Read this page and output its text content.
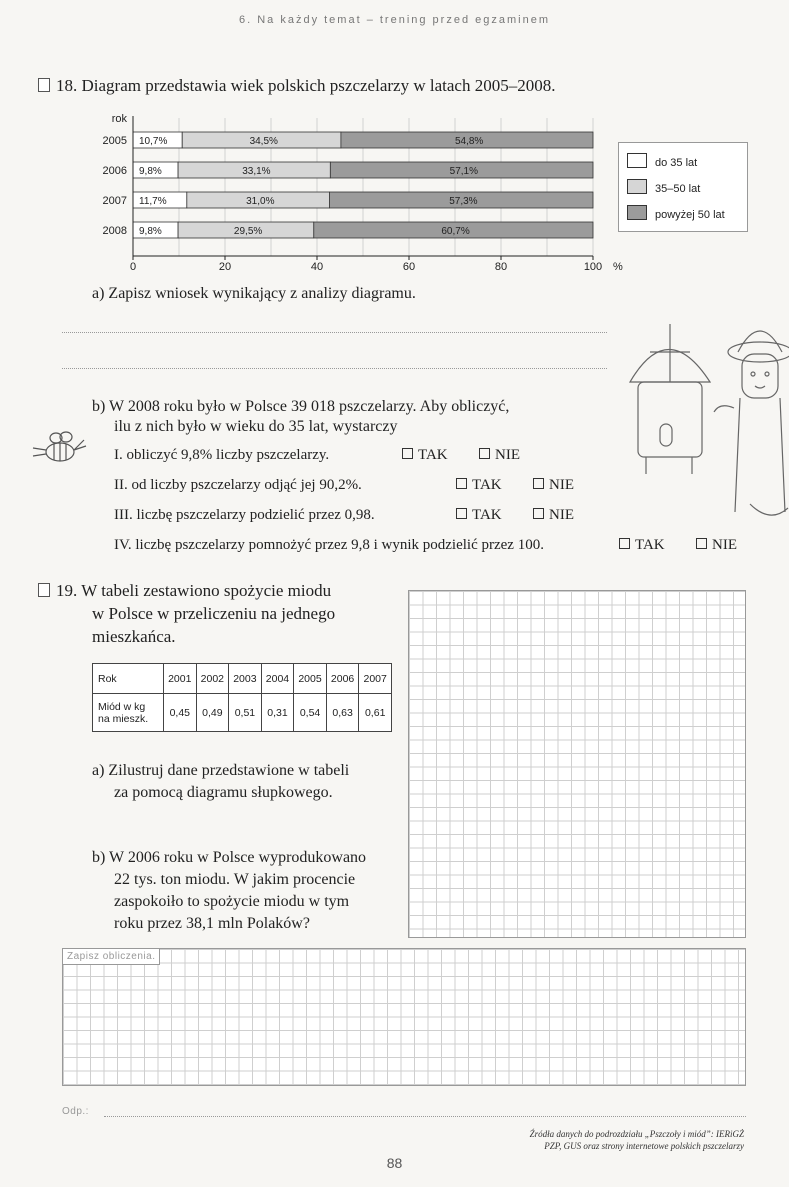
6. Na każdy temat – trening przed egzaminem
18. Diagram przedstawia wiek polskich pszczelarzy w latach 2005–2008.
10,7%	34,5%	54,8%
2005
9,8%	33,1%	57,1%
2006
11,7%	31,0%	57,3%
2007
9,8%	29,5%	60,7%
2008
rok
0	20	40	60	80	100 %
do 35 lat
35–50 lat
powyżej 50 lat
a) Zapisz wniosek wynikający z analizy diagramu.
b) W 2008 roku było w Polsce 39 018 pszczelarzy. Aby obliczyć,
ilu z nich było w wieku do 35 lat, wystarczy
I. obliczyć 9,8% liczby pszczelarzy.	TAK	NIE
II. od liczby pszczelarzy odjąć jej 90,2%.	TAK	NIE
III. liczbę pszczelarzy podzielić przez 0,98.	TAK	NIE
IV. liczbę pszczelarzy pomnożyć przez 9,8 i wynik podzielić przez 100.	TAK	NIE
19. W tabeli zestawiono spożycie miodu
w Polsce w przeliczeniu na jednego
mieszkańca.
Rok	2001	2002	2003	2004	2005	2006	2007
Miód w kg
na mieszk.	0,45	0,49	0,51	0,31	0,54	0,63	0,61
a) Zilustruj dane przedstawione w tabeli
za pomocą diagramu słupkowego.
b) W 2006 roku w Polsce wyprodukowano
22 tys. ton miodu. W jakim procencie
zaspokoiło to spożycie miodu w tym
roku przez 38,1 mln Polaków?
Zapisz obliczenia.
Odp.:
Źródła danych do podrozdziału „Pszczoły i miód”: IERiGŻ
PZP, GUS oraz strony internetowe polskich pszczelarzy
88
